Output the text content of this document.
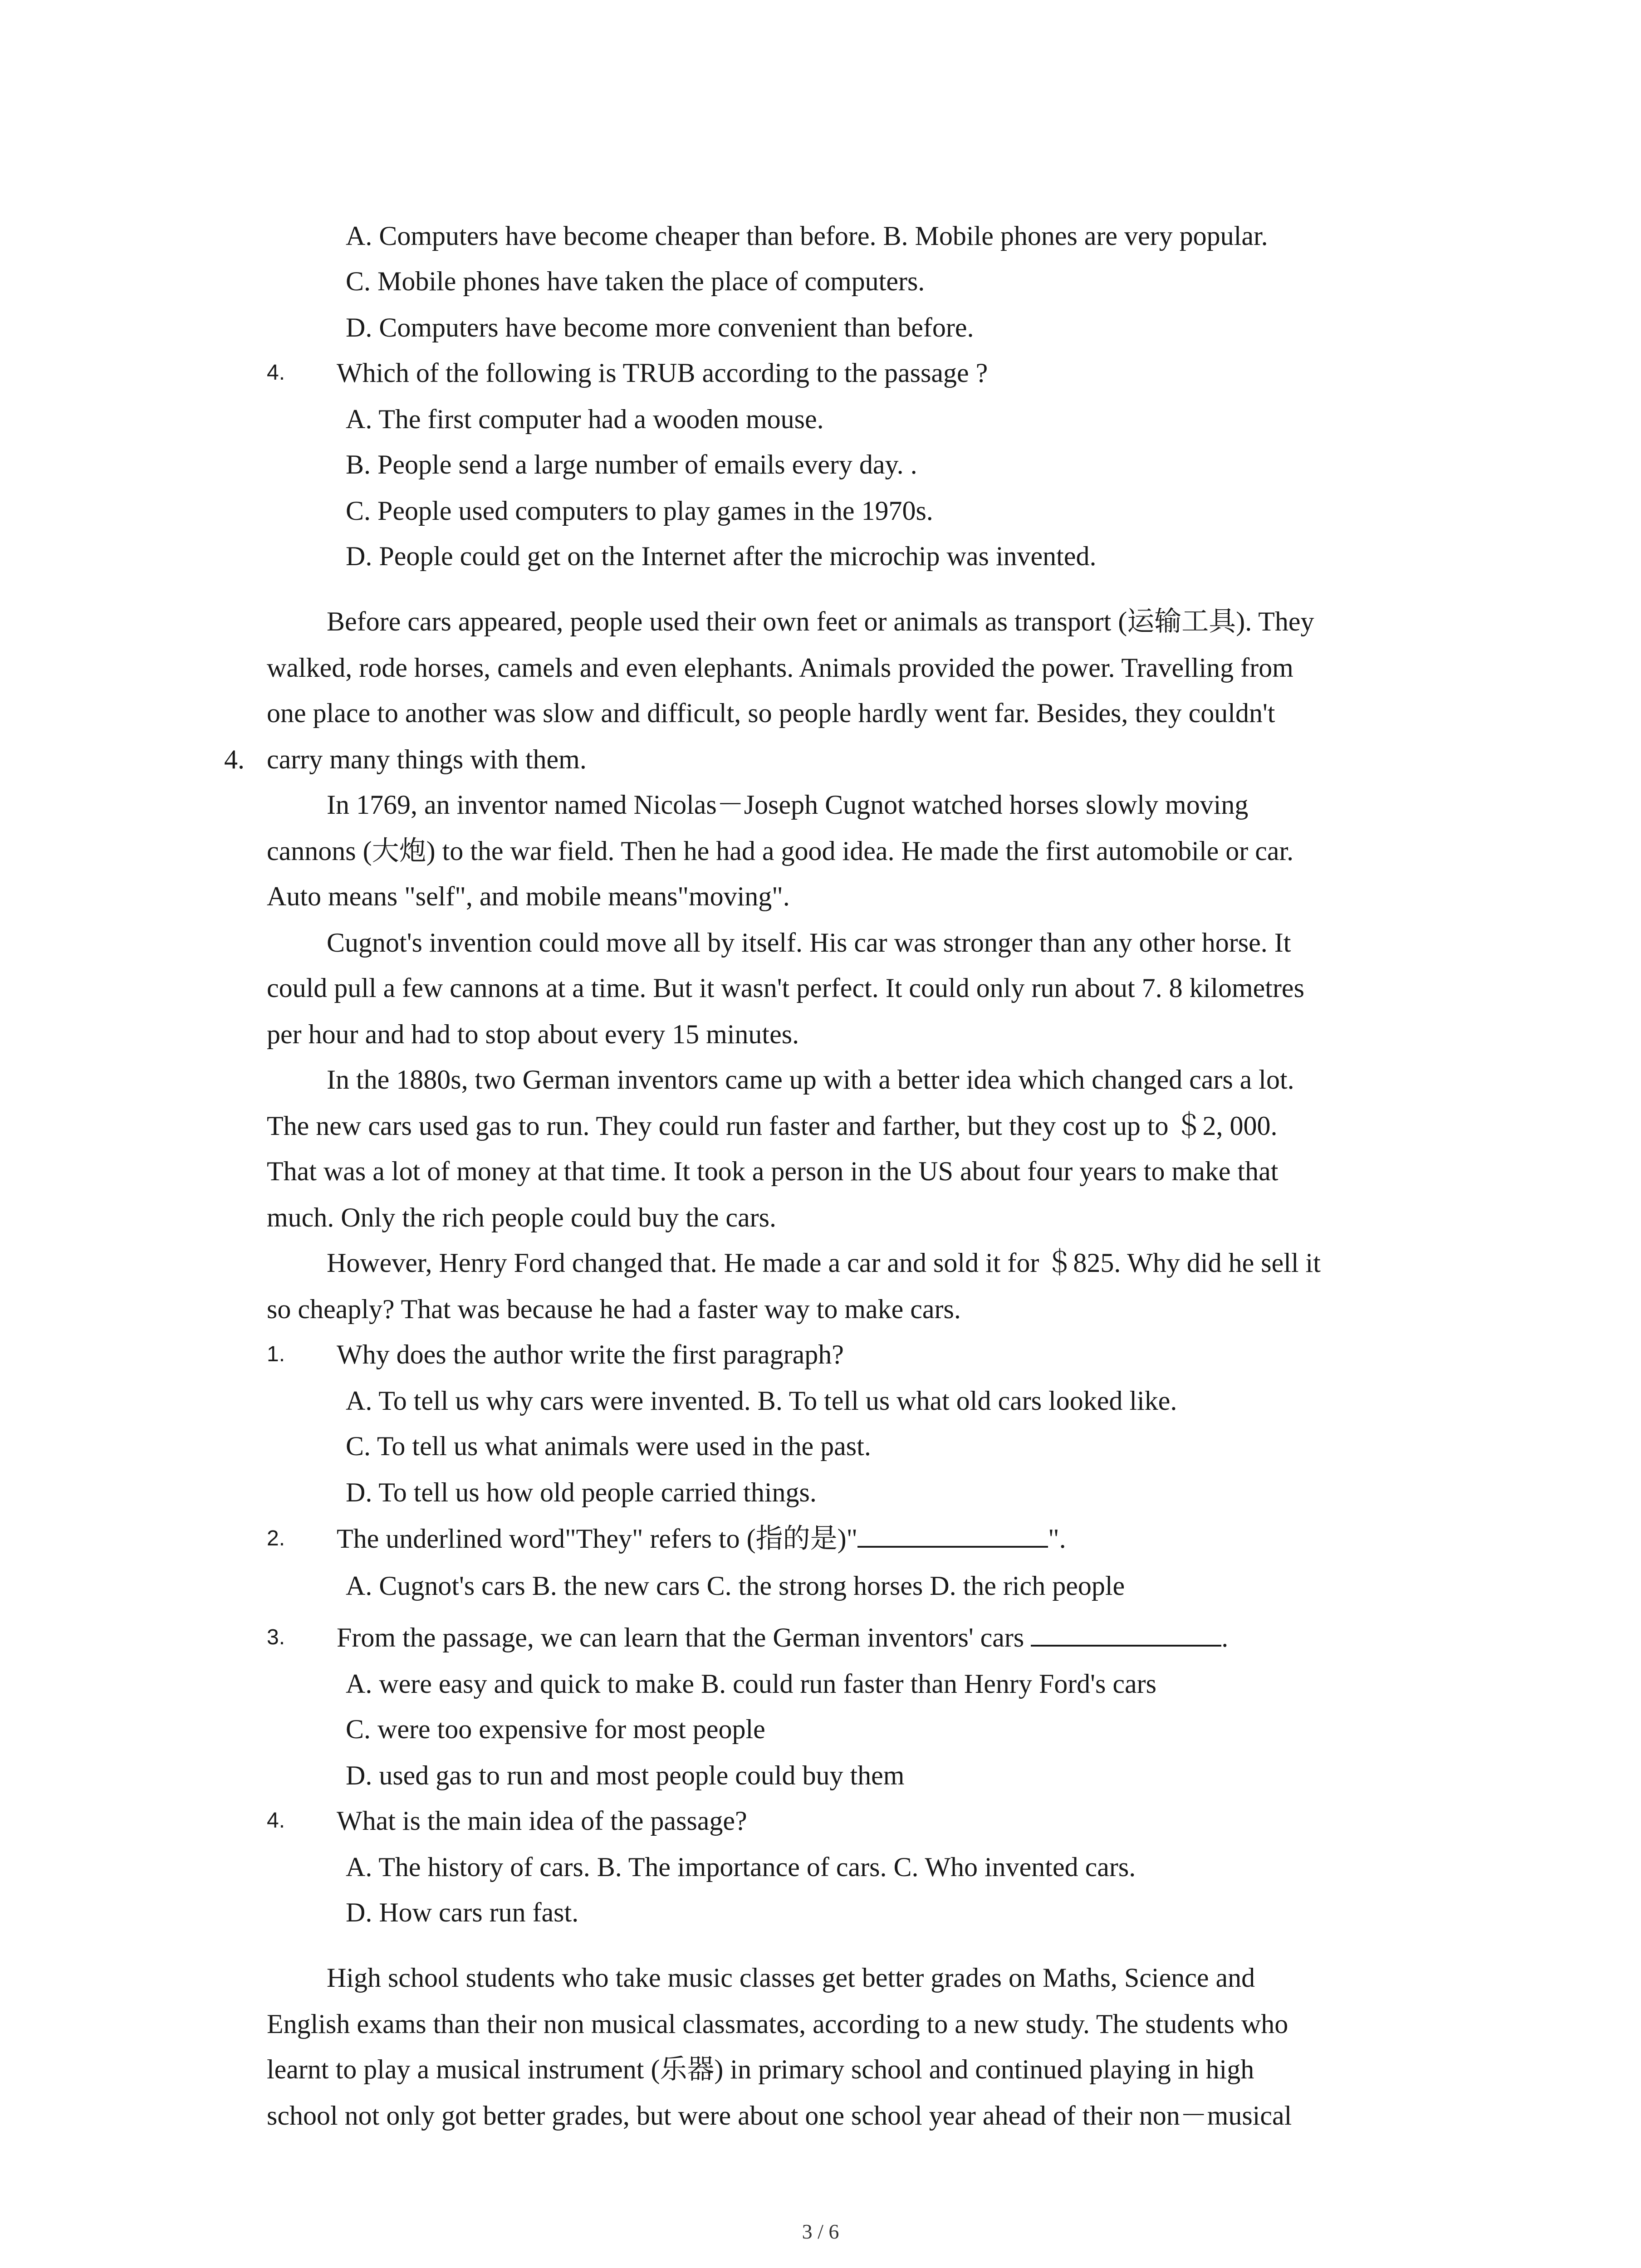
A. Computers have become cheaper than before. B. Mobile phones are very popular.
C. Mobile phones have taken the place of computers.
D. Computers have become more convenient than before.
4. Which of the following is TRUB according to the passage ?
A. The first computer had a wooden mouse.
B. People send a large number of emails every day. .
C. People used computers to play games in the 1970s.
D. People could get on the Internet after the microchip was invented.
Before cars appeared, people used their own feet or animals as transport (运输工具). They
walked, rode horses, camels and even elephants. Animals provided the power. Travelling from
one place to another was slow and difficult, so people hardly went far. Besides, they couldn't
4. carry many things with them.
In 1769, an inventor named Nicolas－Joseph Cugnot watched horses slowly moving
cannons (大炮) to the war field. Then he had a good idea. He made the first automobile or car.
Auto means "self", and mobile means"moving".
Cugnot's invention could move all by itself. His car was stronger than any other horse. It
could pull a few cannons at a time. But it wasn't perfect. It could only run about 7. 8 kilometres
per hour and had to stop about every 15 minutes.
In the 1880s, two German inventors came up with a better idea which changed cars a lot.
The new cars used gas to run. They could run faster and farther, but they cost up to ＄2, 000.
That was a lot of money at that time. It took a person in the US about four years to make that
much. Only the rich people could buy the cars.
However, Henry Ford changed that. He made a car and sold it for ＄825. Why did he sell it
so cheaply? That was because he had a faster way to make cars.
1. Why does the author write the first paragraph?
A. To tell us why cars were invented. B. To tell us what old cars looked like.
C. To tell us what animals were used in the past.
D. To tell us how old people carried things.
2. The underlined word"They" refers to (指的是)"	".
A. Cugnot's cars B. the new cars C. the strong horses D. the rich people
3. From the passage, we can learn that the German inventors' cars	.
A. were easy and quick to make B. could run faster than Henry Ford's cars
C. were too expensive for most people
D. used gas to run and most people could buy them
4. What is the main idea of the passage?
A. The history of cars. B. The importance of cars. C. Who invented cars.
D. How cars run fast.
High school students who take music classes get better grades on Maths, Science and
English exams than their non musical classmates, according to a new study. The students who
learnt to play a musical instrument (乐器) in primary school and continued playing in high
school not only got better grades, but were about one school year ahead of their non－musical
3 / 6
